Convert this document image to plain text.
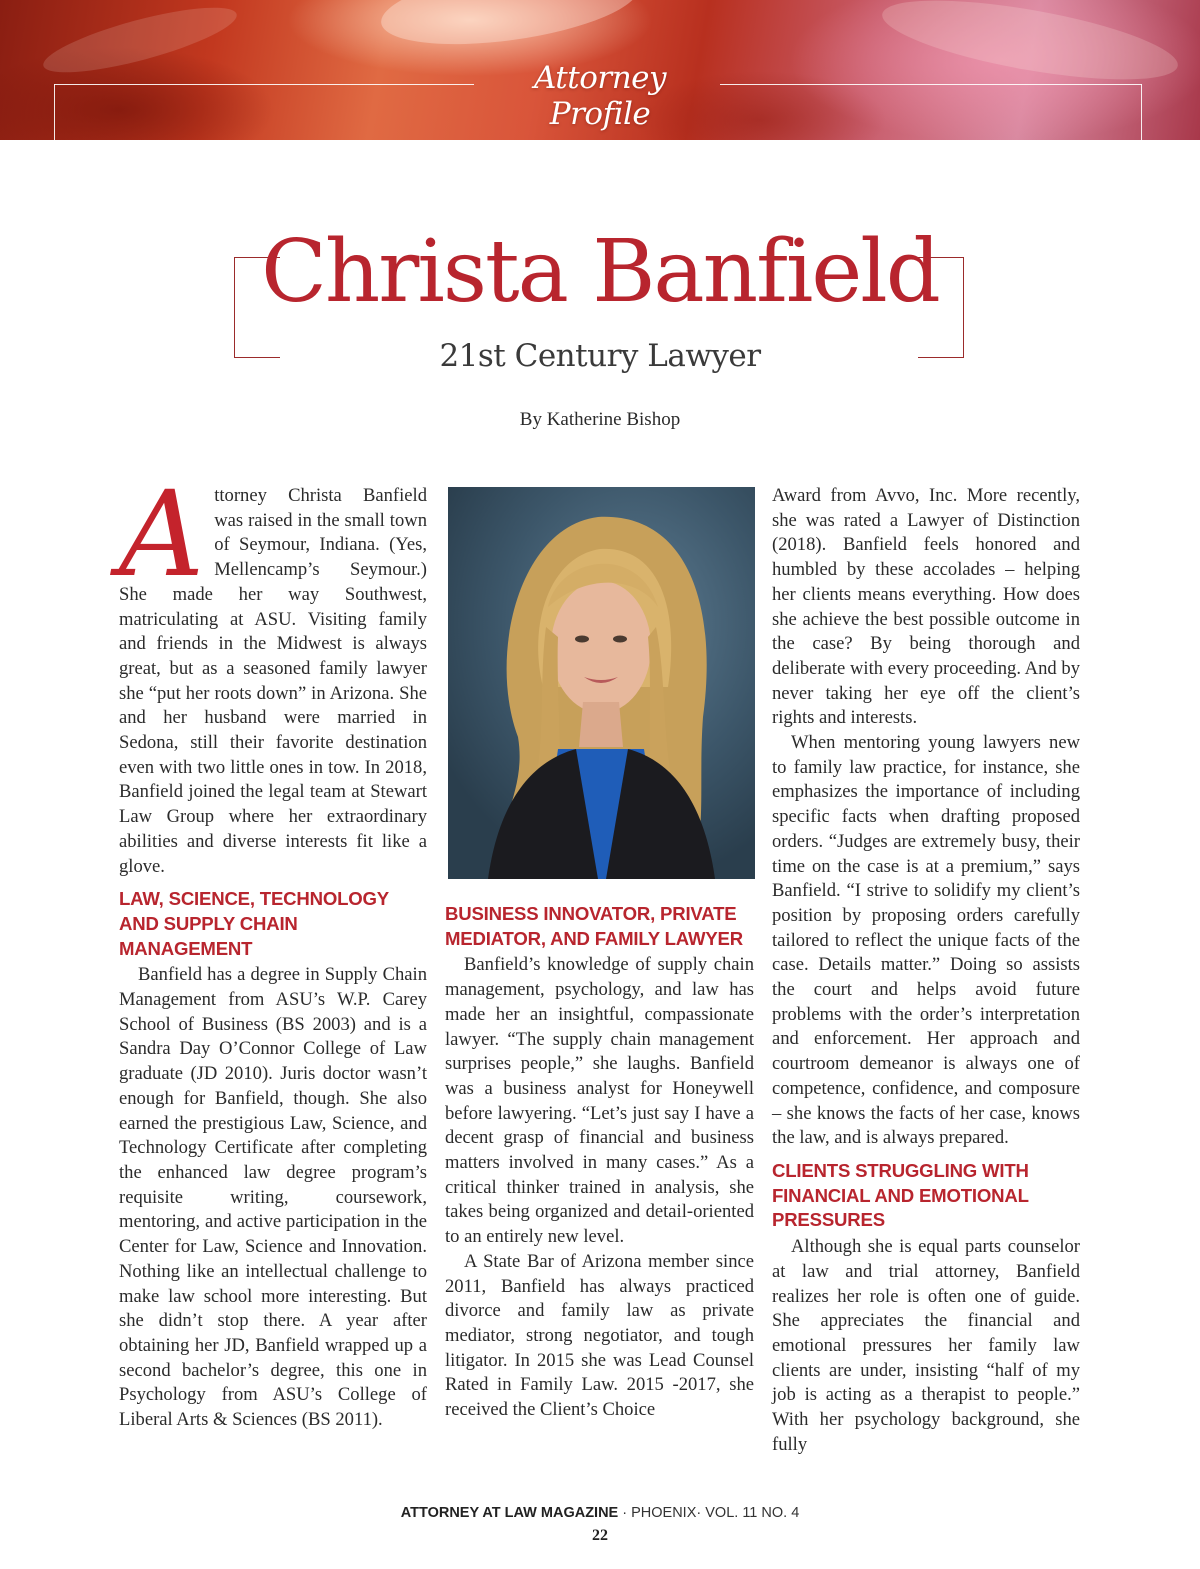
Attorney Profile
Christa Banfield
21st Century Lawyer
By Katherine Bishop

Attorney Christa Banfield was raised in the small town of Seymour, Indiana. (Yes, Mellencamp’s Seymour.) She made her way Southwest, matriculating at ASU. Visiting family and friends in the Midwest is always great, but as a seasoned family lawyer she “put her roots down” in Arizona. She and her husband were married in Sedona, still their favorite destination even with two little ones in tow. In 2018, Banfield joined the legal team at Stewart Law Group where her extraordinary abilities and diverse interests fit like a glove.

LAW, SCIENCE, TECHNOLOGY AND SUPPLY CHAIN MANAGEMENT

Banfield has a degree in Supply Chain Management from ASU’s W.P. Carey School of Business (BS 2003) and is a Sandra Day O’Connor College of Law graduate (JD 2010). Juris doctor wasn’t enough for Banfield, though. She also earned the prestigious Law, Science, and Technology Certificate after completing the enhanced law degree program’s requisite writing, coursework, mentoring, and active participation in the Center for Law, Science and Innovation. Nothing like an intellectual challenge to make law school more interesting. But she didn’t stop there. A year after obtaining her JD, Banfield wrapped up a second bachelor’s degree, this one in Psychology from ASU’s College of Liberal Arts & Sciences (BS 2011).

BUSINESS INNOVATOR, PRIVATE MEDIATOR, AND FAMILY LAWYER

Banfield’s knowledge of supply chain management, psychology, and law has made her an insightful, compassionate lawyer. “The supply chain management surprises people,” she laughs. Banfield was a business analyst for Honeywell before lawyering. “Let’s just say I have a decent grasp of financial and business matters involved in many cases.” As a critical thinker trained in analysis, she takes being organized and detail-oriented to an entirely new level.

A State Bar of Arizona member since 2011, Banfield has always practiced divorce and family law as private mediator, strong negotiator, and tough litigator. In 2015 she was Lead Counsel Rated in Family Law. 2015 -2017, she received the Client’s Choice

Award from Avvo, Inc. More recently, she was rated a Lawyer of Distinction (2018). Banfield feels honored and humbled by these accolades – helping her clients means everything. How does she achieve the best possible outcome in the case? By being thorough and deliberate with every proceeding. And by never taking her eye off the client’s rights and interests.

When mentoring young lawyers new to family law practice, for instance, she emphasizes the importance of including specific facts when drafting proposed orders. “Judges are extremely busy, their time on the case is at a premium,” says Banfield. “I strive to solidify my client’s position by proposing orders carefully tailored to reflect the unique facts of the case. Details matter.” Doing so assists the court and helps avoid future problems with the order’s interpretation and enforcement. Her approach and courtroom demeanor is always one of competence, confidence, and composure – she knows the facts of her case, knows the law, and is always prepared.

CLIENTS STRUGGLING WITH FINANCIAL AND EMOTIONAL PRESSURES

Although she is equal parts counselor at law and trial attorney, Banfield realizes her role is often one of guide. She appreciates the financial and emotional pressures her family law clients are under, insisting “half of my job is acting as a therapist to people.” With her psychology background, she fully

ATTORNEY AT LAW MAGAZINE · PHOENIX· VOL. 11 NO. 4
22
